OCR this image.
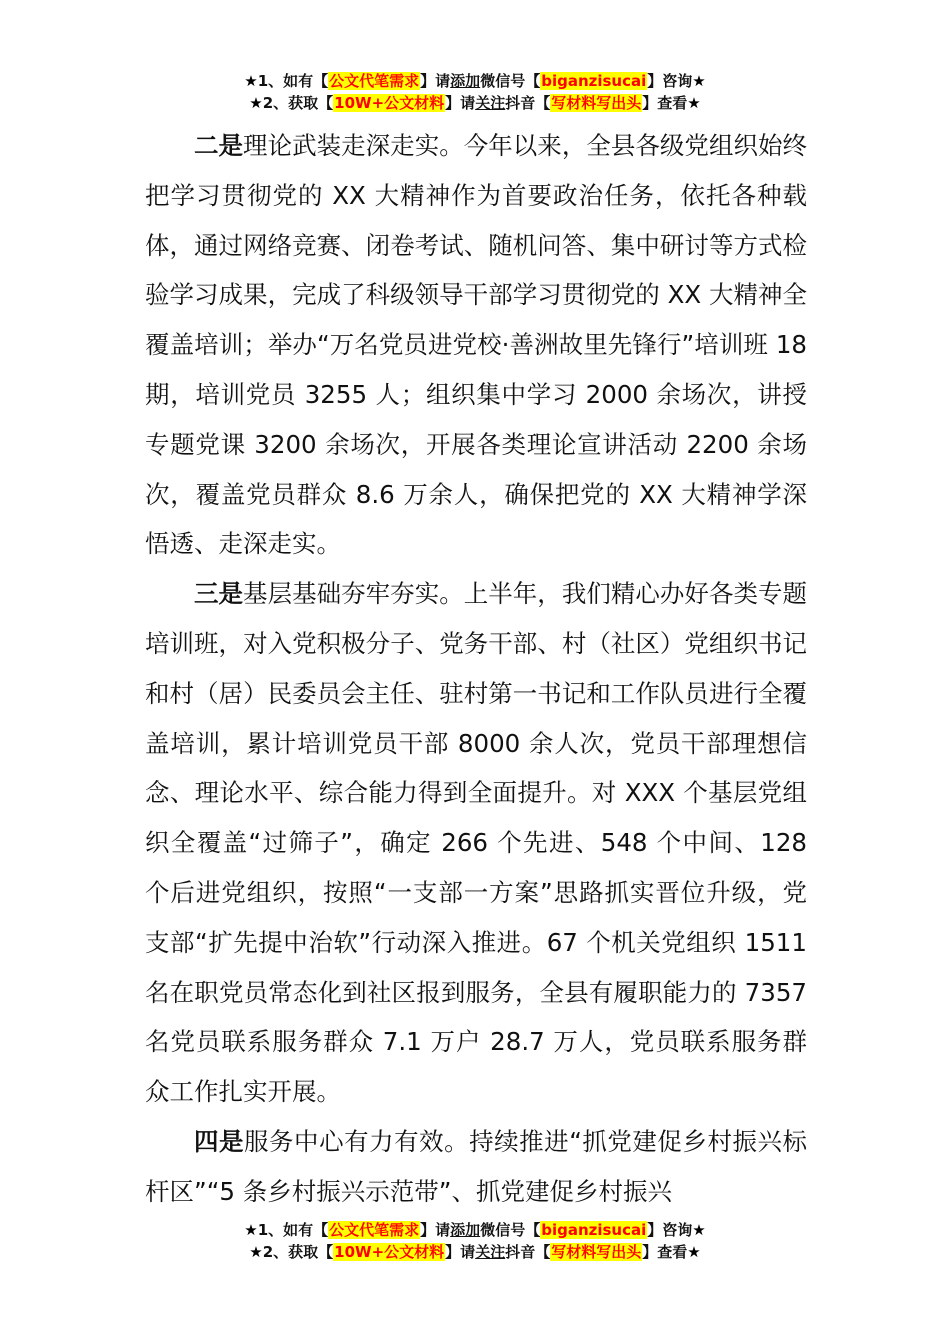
★1、如有【公文代笔需求】请添加微信号【biganzisucai】咨询★
★2、获取【10W+公文材料】请关注抖音【写材料写出头】查看★

二是理论武装走深走实。今年以来，全县各级党组织始终把学习贯彻党的 XX 大精神作为首要政治任务，依托各种载体，通过网络竞赛、闭卷考试、随机问答、集中研讨等方式检验学习成果，完成了科级领导干部学习贯彻党的 XX 大精神全覆盖培训；举办“万名党员进党校·善洲故里先锋行”培训班 18 期，培训党员 3255 人；组织集中学习 2000 余场次，讲授专题党课 3200 余场次，开展各类理论宣讲活动 2200 余场次，覆盖党员群众 8.6 万余人，确保把党的 XX 大精神学深悟透、走深走实。

三是基层基础夯牢夯实。上半年，我们精心办好各类专题培训班，对入党积极分子、党务干部、村（社区）党组织书记和村（居）民委员会主任、驻村第一书记和工作队员进行全覆盖培训，累计培训党员干部 8000 余人次，党员干部理想信念、理论水平、综合能力得到全面提升。对 XXX 个基层党组织全覆盖“过筛子”，确定 266 个先进、548 个中间、128 个后进党组织，按照“一支部一方案”思路抓实晋位升级，党支部“扩先提中治软”行动深入推进。67 个机关党组织 1511 名在职党员常态化到社区报到服务，全县有履职能力的 7357 名党员联系服务群众 7.1 万户 28.7 万人，党员联系服务群众工作扎实开展。

四是服务中心有力有效。持续推进“抓党建促乡村振兴标杆区”“5 条乡村振兴示范带”、抓党建促乡村振兴

★1、如有【公文代笔需求】请添加微信号【biganzisucai】咨询★
★2、获取【10W+公文材料】请关注抖音【写材料写出头】查看★
